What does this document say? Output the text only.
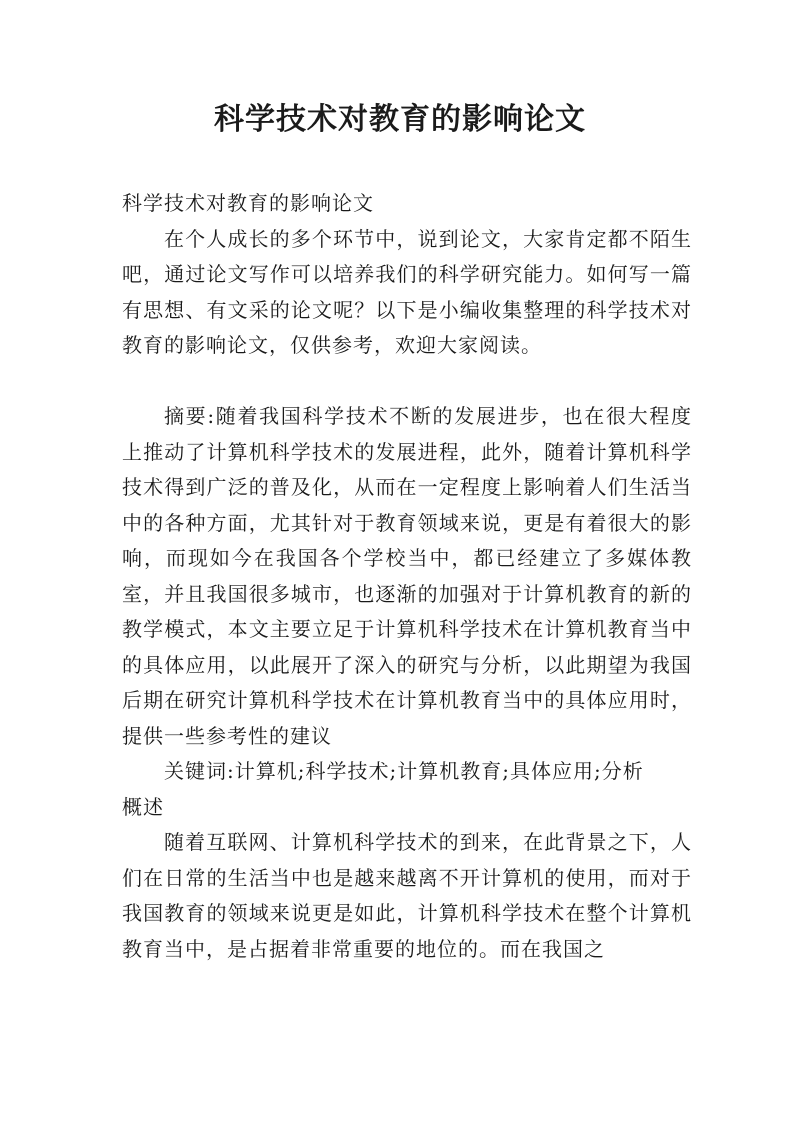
科学技术对教育的影响论文

科学技术对教育的影响论文

在个人成长的多个环节中，说到论文，大家肯定都不陌生吧，通过论文写作可以培养我们的科学研究能力。如何写一篇有思想、有文采的论文呢？以下是小编收集整理的科学技术对教育的影响论文，仅供参考，欢迎大家阅读。

摘要:随着我国科学技术不断的发展进步，也在很大程度上推动了计算机科学技术的发展进程，此外，随着计算机科学技术得到广泛的普及化，从而在一定程度上影响着人们生活当中的各种方面，尤其针对于教育领域来说，更是有着很大的影响，而现如今在我国各个学校当中，都已经建立了多媒体教室，并且我国很多城市，也逐渐的加强对于计算机教育的新的教学模式，本文主要立足于计算机科学技术在计算机教育当中的具体应用，以此展开了深入的研究与分析，以此期望为我国后期在研究计算机科学技术在计算机教育当中的具体应用时，提供一些参考性的建议

关键词:计算机;科学技术;计算机教育;具体应用;分析

概述

随着互联网、计算机科学技术的到来，在此背景之下，人们在日常的生活当中也是越来越离不开计算机的使用，而对于我国教育的领域来说更是如此，计算机科学技术在整个计算机教育当中，是占据着非常重要的地位的。而在我国之
